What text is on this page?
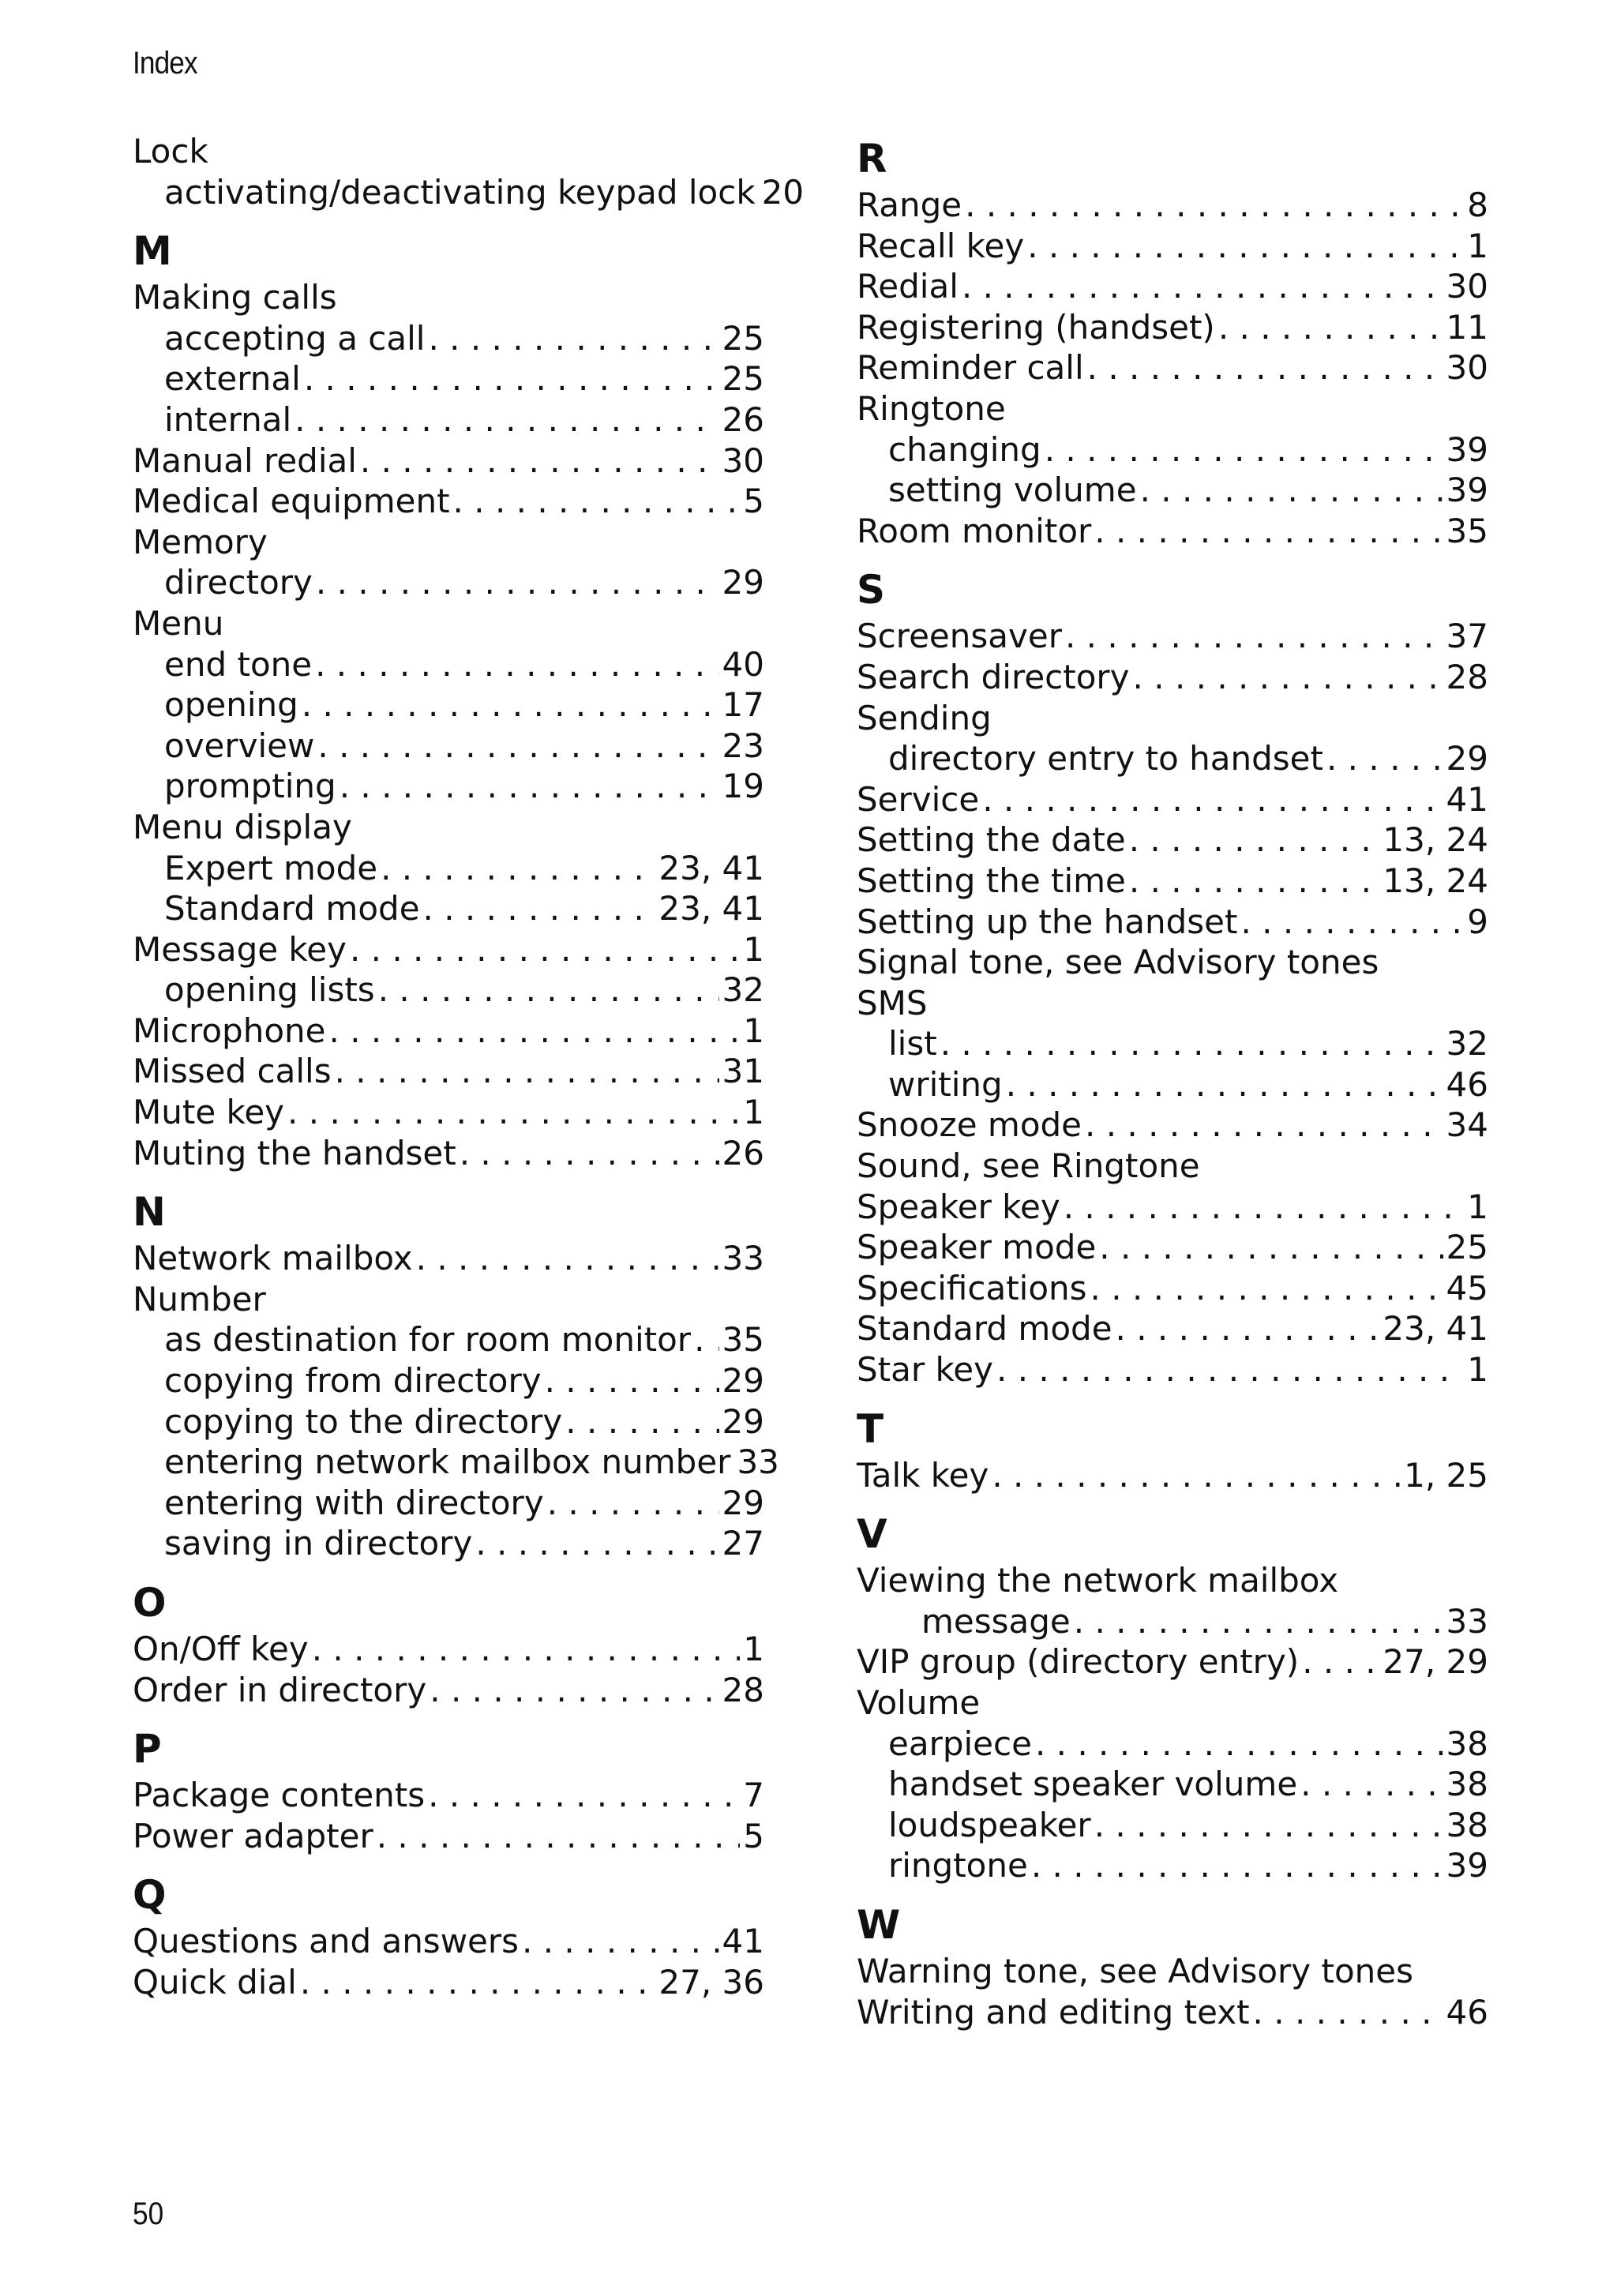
Index
Lock
activating/deactivating keypad lock 20
M
Making calls
accepting a call . . .	25
external . . .	25
internal . . .	26
Manual redial . . .	30
Medical equipment . . .	5
Memory
directory . . .	29
Menu
end tone . . .	40
opening . . .	17
overview . . .	23
prompting . . .	19
Menu display
Expert mode . . .	23, 41
Standard mode . . .	23, 41
Message key . . .	1
opening lists . . .	32
Microphone . . .	1
Missed calls . . .	31
Mute key . . .	1
Muting the handset . . .	26
N
Network mailbox . . .	33
Number
as destination for room monitor . . . 35
copying from directory . . .	29
copying to the directory . . .	29
entering network mailbox number 33
entering with directory . . .	29
saving in directory . . .	27
O
On/Off key . . .	1
Order in directory . . .	28
P
Package contents . . .	7
Power adapter . . .	5
Q
Questions and answers . . .	41
Quick dial . . .	27, 36
R
Range . . .	8
Recall key . . .	1
Redial . . .	30
Registering (handset) . . .	11
Reminder call . . .	30
Ringtone
changing . . .	39
setting volume . . .	39
Room monitor . . .	35
S
Screensaver . . .	37
Search directory . . .	28
Sending
directory entry to handset . . .	29
Service . . .	41
Setting the date . . .	13, 24
Setting the time . . .	13, 24
Setting up the handset . . .	9
Signal tone, see Advisory tones
SMS
list . . .	32
writing . . .	46
Snooze mode . . .	34
Sound, see Ringtone
Speaker key . . .	1
Speaker mode . . .	25
Specifications . . .	45
Standard mode . . .	23, 41
Star key . . .	1
T
Talk key . . .	1, 25
V
Viewing the network mailbox
message . . .	33
VIP group (directory entry) . . .	27, 29
Volume
earpiece . . .	38
handset speaker volume . . .	38
loudspeaker . . .	38
ringtone . . .	39
W
Warning tone, see Advisory tones
Writing and editing text . . .	46
50
